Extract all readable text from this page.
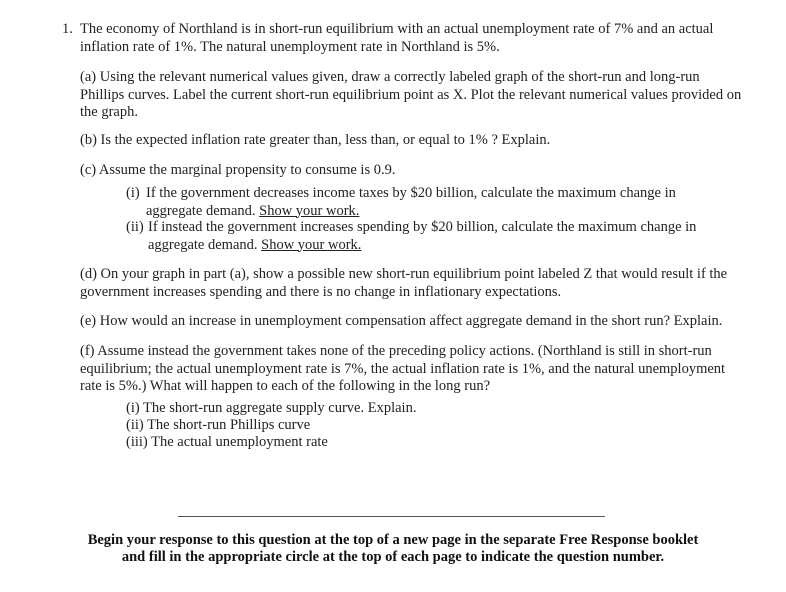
1. The economy of Northland is in short-run equilibrium with an actual unemployment rate of 7% and an actual inflation rate of 1%. The natural unemployment rate in Northland is 5%.
(a) Using the relevant numerical values given, draw a correctly labeled graph of the short-run and long-run Phillips curves. Label the current short-run equilibrium point as X. Plot the relevant numerical values provided on the graph.
(b) Is the expected inflation rate greater than, less than, or equal to 1% ? Explain.
(c) Assume the marginal propensity to consume is 0.9.
(i) If the government decreases income taxes by $20 billion, calculate the maximum change in aggregate demand. Show your work.
(ii) If instead the government increases spending by $20 billion, calculate the maximum change in aggregate demand. Show your work.
(d) On your graph in part (a), show a possible new short-run equilibrium point labeled Z that would result if the government increases spending and there is no change in inflationary expectations.
(e) How would an increase in unemployment compensation affect aggregate demand in the short run? Explain.
(f) Assume instead the government takes none of the preceding policy actions. (Northland is still in short-run equilibrium; the actual unemployment rate is 7%, the actual inflation rate is 1%, and the natural unemployment rate is 5%.) What will happen to each of the following in the long run?
(i) The short-run aggregate supply curve. Explain.
(ii) The short-run Phillips curve
(iii) The actual unemployment rate
Begin your response to this question at the top of a new page in the separate Free Response booklet
and fill in the appropriate circle at the top of each page to indicate the question number.
